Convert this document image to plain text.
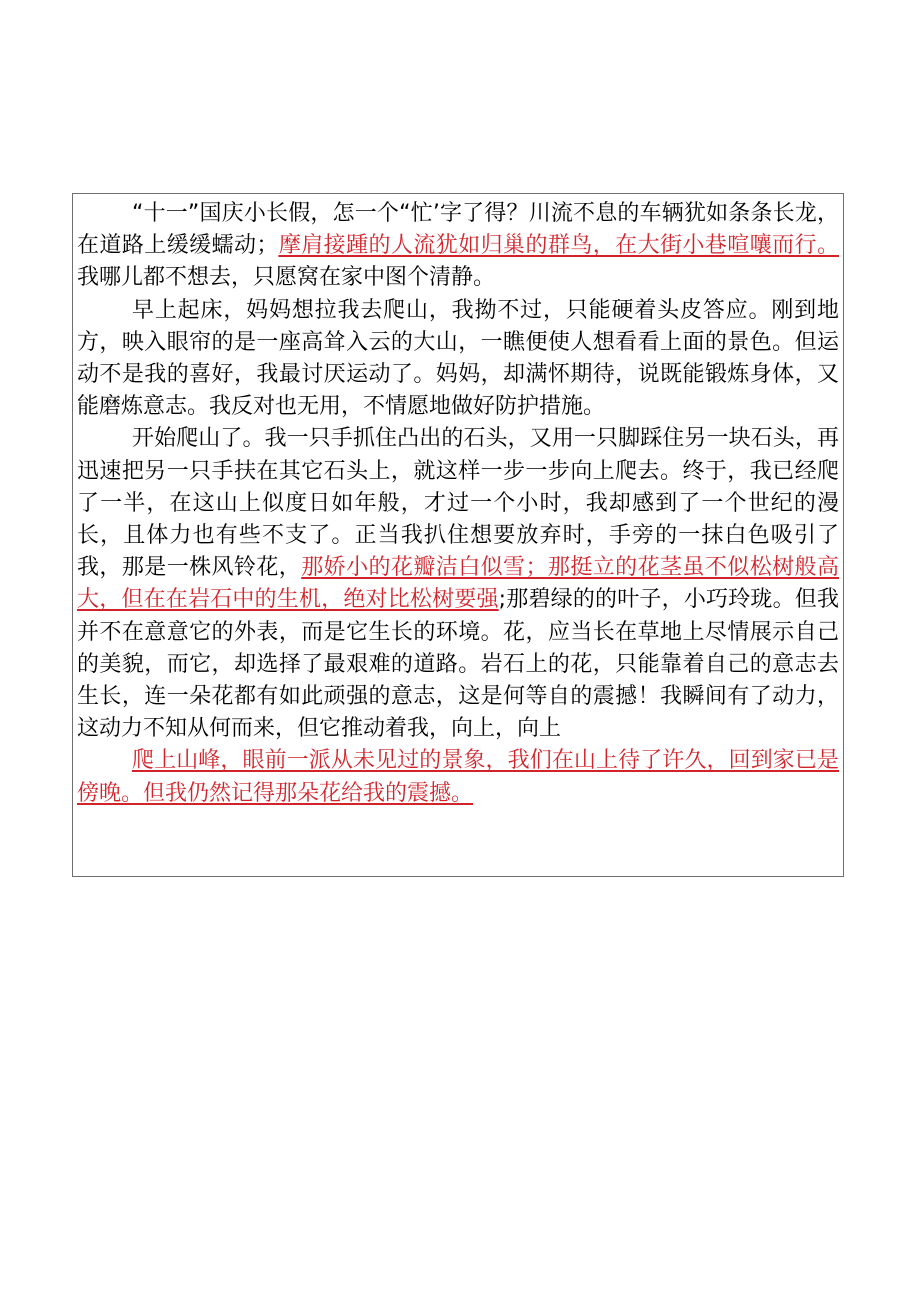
“十一”国庆小长假，怎一个“忙’字了得？川流不息的车辆犹如条条长龙，在道路上缓缓蠕动；摩肩接踵的人流犹如归巢的群鸟，在大街小巷喧嚷而行。我哪儿都不想去，只愿窝在家中图个清静。

早上起床，妈妈想拉我去爬山，我拗不过，只能硬着头皮答应。刚到地方，映入眼帘的是一座高耸入云的大山，一瞧便使人想看看上面的景色。但运动不是我的喜好，我最讨厌运动了。妈妈，却满怀期待，说既能锻炼身体，又能磨炼意志。我反对也无用，不情愿地做好防护措施。

开始爬山了。我一只手抓住凸出的石头，又用一只脚踩住另一块石头，再迅速把另一只手扶在其它石头上，就这样一步一步向上爬去。终于，我已经爬了一半，在这山上似度日如年般，才过一个小时，我却感到了一个世纪的漫长，且体力也有些不支了。正当我扒住想要放弃时，手旁的一抹白色吸引了我，那是一株风铃花，那娇小的花瓣洁白似雪；那挺立的花茎虽不似松树般高大，但在在岩石中的生机，绝对比松树要强;那碧绿的的叶子，小巧玲珑。但我并不在意意它的外表，而是它生长的环境。花，应当长在草地上尽情展示自己的美貌，而它，却选择了最艰难的道路。岩石上的花，只能靠着自己的意志去生长，连一朵花都有如此顽强的意志，这是何等自的震撼！我瞬间有了动力，这动力不知从何而来，但它推动着我，向上，向上

爬上山峰，眼前一派从未见过的景象，我们在山上待了许久，回到家已是傍晚。但我仍然记得那朵花给我的震撼。
